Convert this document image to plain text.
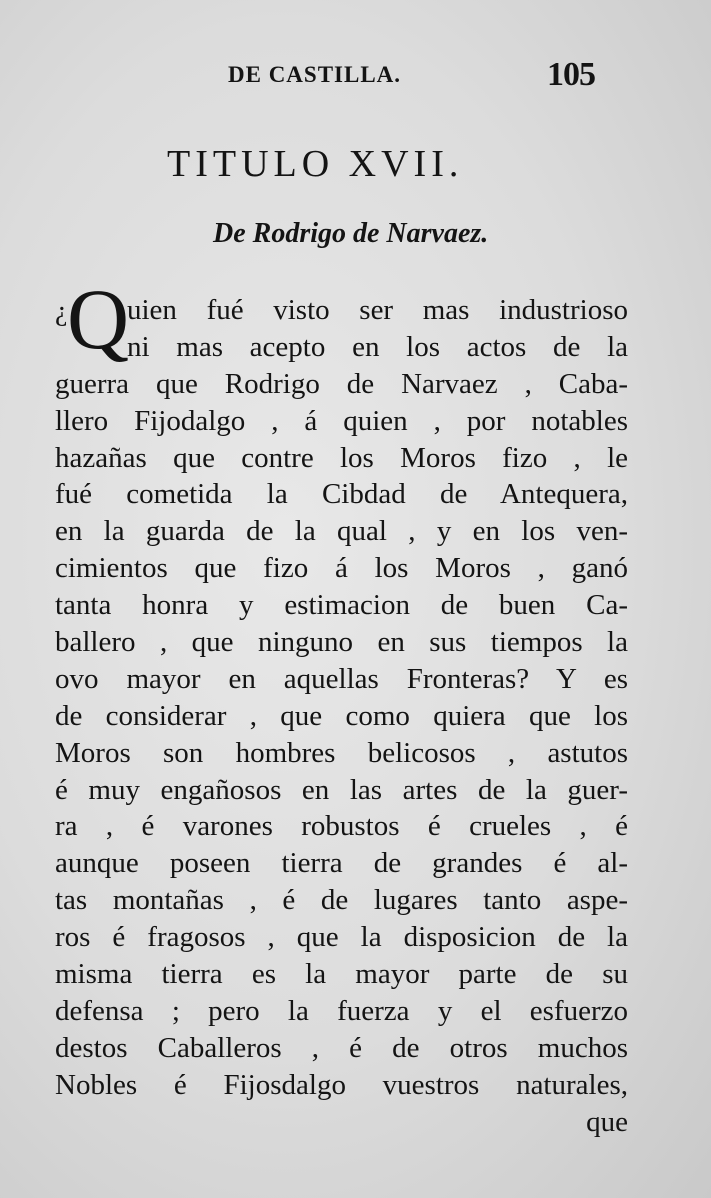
DE CASTILLA.	105
TITULO XVII.
De Rodrigo de Narvaez.
¿ Q
uien fué visto ser mas industrioso
ni mas acepto en los actos de la
guerra que Rodrigo de Narvaez , Caba-
llero Fijodalgo , á quien , por notables
hazañas que contre los Moros fizo , le
fué cometida la Cibdad de Antequera,
en la guarda de la qual , y en los ven-
cimientos que fizo á los Moros , ganó
tanta honra y estimacion de buen Ca-
ballero , que ninguno en sus tiempos la
ovo mayor en aquellas Fronteras? Y es
de considerar , que como quiera que los
Moros son hombres belicosos , astutos
é muy engañosos en las artes de la guer-
ra , é varones robustos é crueles , é
aunque poseen tierra de grandes é al-
tas montañas , é de lugares tanto aspe-
ros é fragosos , que la disposicion de la
misma tierra es la mayor parte de su
defensa ; pero la fuerza y el esfuerzo
destos Caballeros , é de otros muchos
Nobles é Fijosdalgo vuestros naturales,
que
